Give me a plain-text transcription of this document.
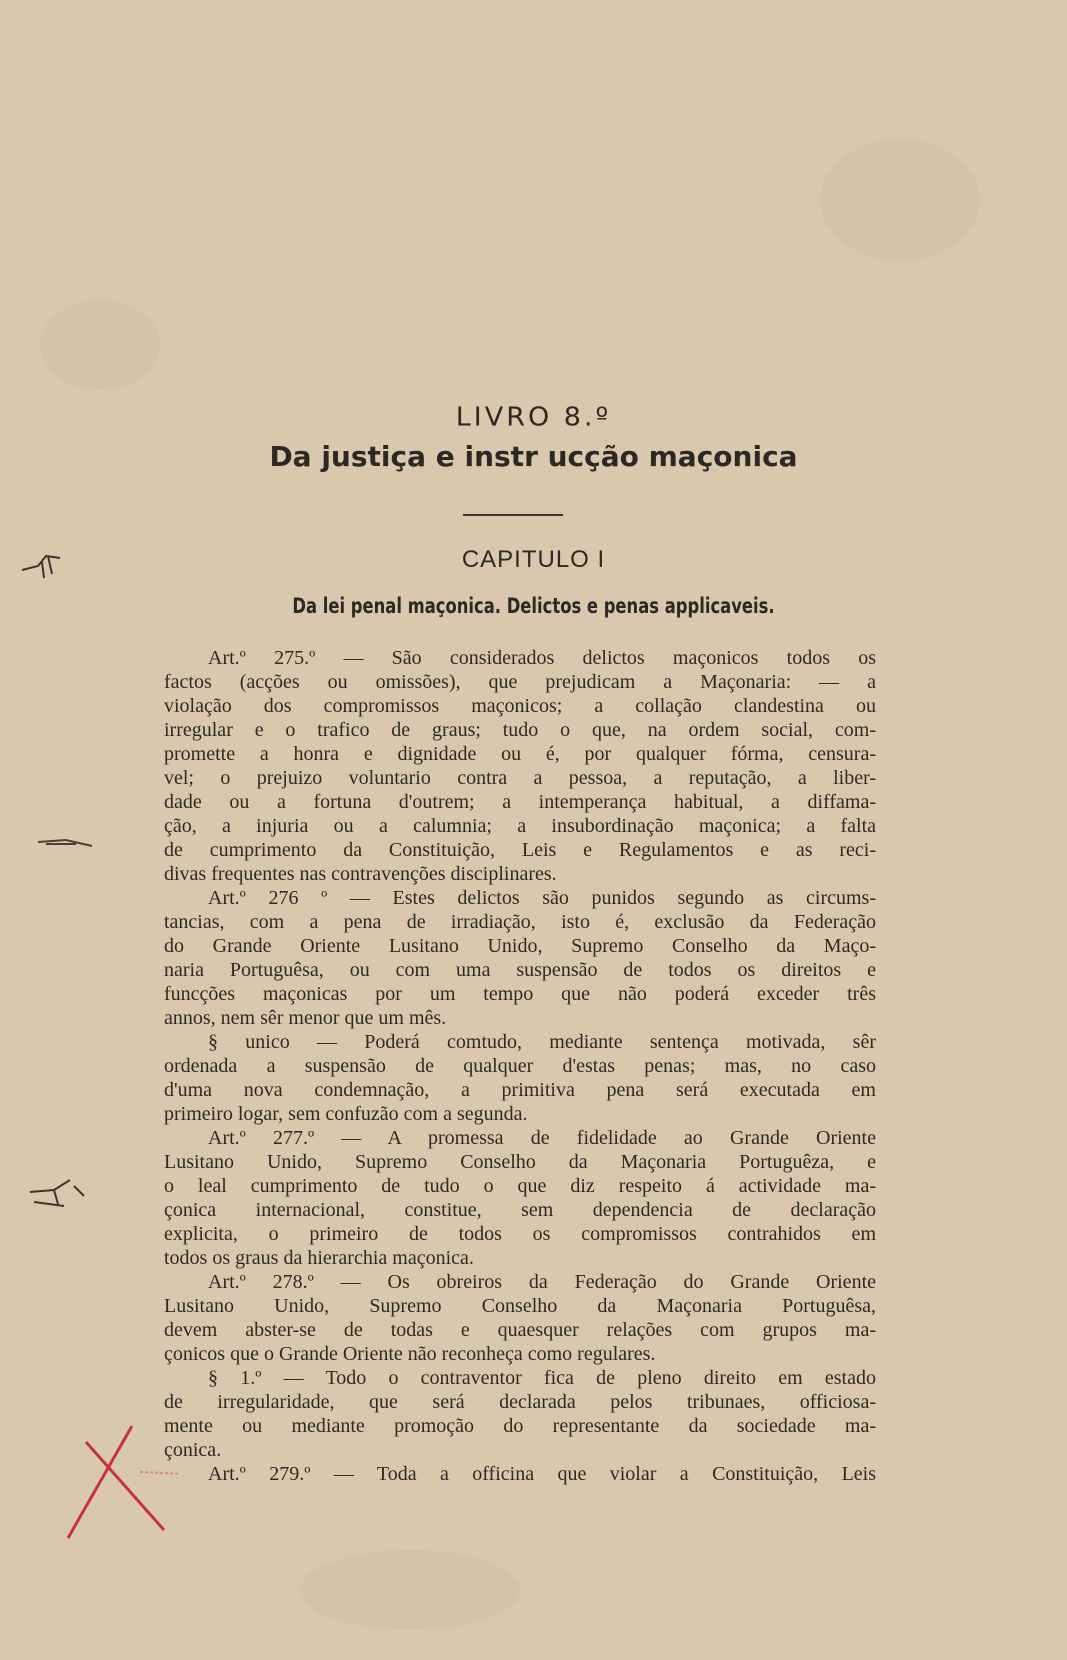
LIVRO 8.º
Da justiça e instr ucção maçonica
CAPITULO I
Da lei penal maçonica. Delictos e penas applicaveis.
Art.º 275.º — São considerados delictos maçonicos todos os
factos (acções ou omissões), que prejudicam a Maçonaria: — a
violação dos compromissos maçonicos; a collação clandestina ou
irregular e o trafico de graus; tudo o que, na ordem social, com-
promette a honra e dignidade ou é, por qualquer fórma, censura-
vel; o prejuizo voluntario contra a pessoa, a reputação, a liber-
dade ou a fortuna d'outrem; a intemperança habitual, a diffama-
ção, a injuria ou a calumnia; a insubordinação maçonica; a falta
de cumprimento da Constituição, Leis e Regulamentos e as reci-
divas frequentes nas contravenções disciplinares.
Art.º 276 º — Estes delictos são punidos segundo as circums-
tancias, com a pena de irradiação, isto é, exclusão da Federação
do Grande Oriente Lusitano Unido, Supremo Conselho da Maço-
naria Portuguêsa, ou com uma suspensão de todos os direitos e
funcções maçonicas por um tempo que não poderá exceder três
annos, nem sêr menor que um mês.
§ unico — Poderá comtudo, mediante sentença motivada, sêr
ordenada a suspensão de qualquer d'estas penas; mas, no caso
d'uma nova condemnação, a primitiva pena será executada em
primeiro logar, sem confuzão com a segunda.
Art.º 277.º — A promessa de fidelidade ao Grande Oriente
Lusitano Unido, Supremo Conselho da Maçonaria Portuguêza, e
o leal cumprimento de tudo o que diz respeito á actividade ma-
çonica internacional, constitue, sem dependencia de declaração
explicita, o primeiro de todos os compromissos contrahidos em
todos os graus da hierarchia maçonica.
Art.º 278.º — Os obreiros da Federação do Grande Oriente
Lusitano Unido, Supremo Conselho da Maçonaria Portuguêsa,
devem abster-se de todas e quaesquer relações com grupos ma-
çonicos que o Grande Oriente não reconheça como regulares.
§ 1.º — Todo o contraventor fica de pleno direito em estado
de irregularidade, que será declarada pelos tribunaes, officiosa-
mente ou mediante promoção do representante da sociedade ma-
çonica.
Art.º 279.º — Toda a officina que violar a Constituição, Leis
